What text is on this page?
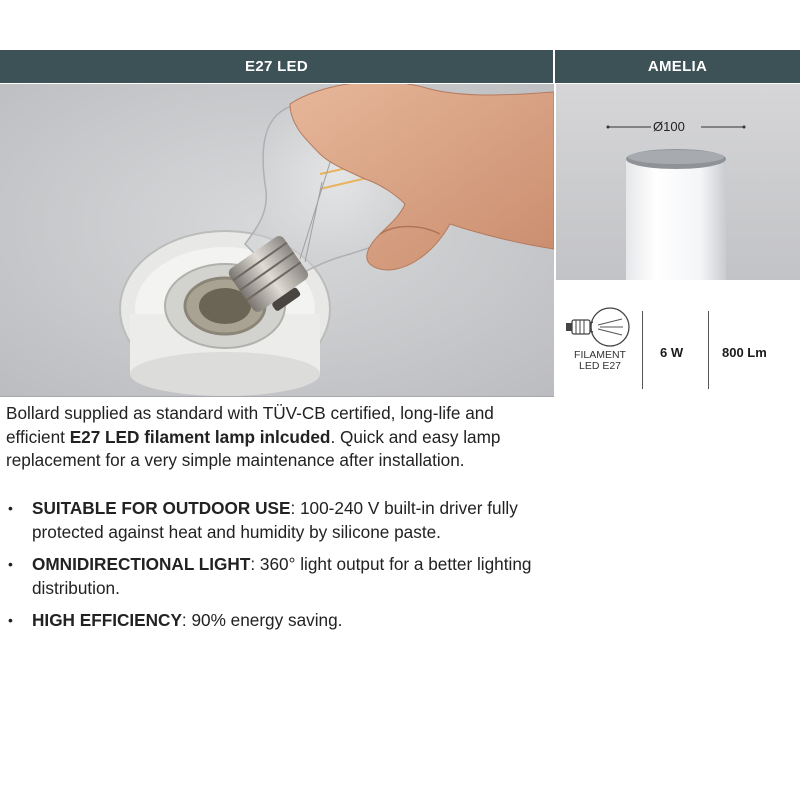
E27 LED	AMELIA
Ø100
FILAMENT
LED E27
6 W	800 Lm

Bollard supplied as standard with TÜV-CB certified, long-life and efficient E27 LED filament lamp inlcuded. Quick and easy lamp replacement for a very simple maintenance after installation.

• SUITABLE FOR OUTDOOR USE: 100-240 V built-in driver fully protected against heat and humidity by silicone paste.
• OMNIDIRECTIONAL LIGHT: 360° light output for a better lighting distribution.
• HIGH EFFICIENCY: 90% energy saving.
